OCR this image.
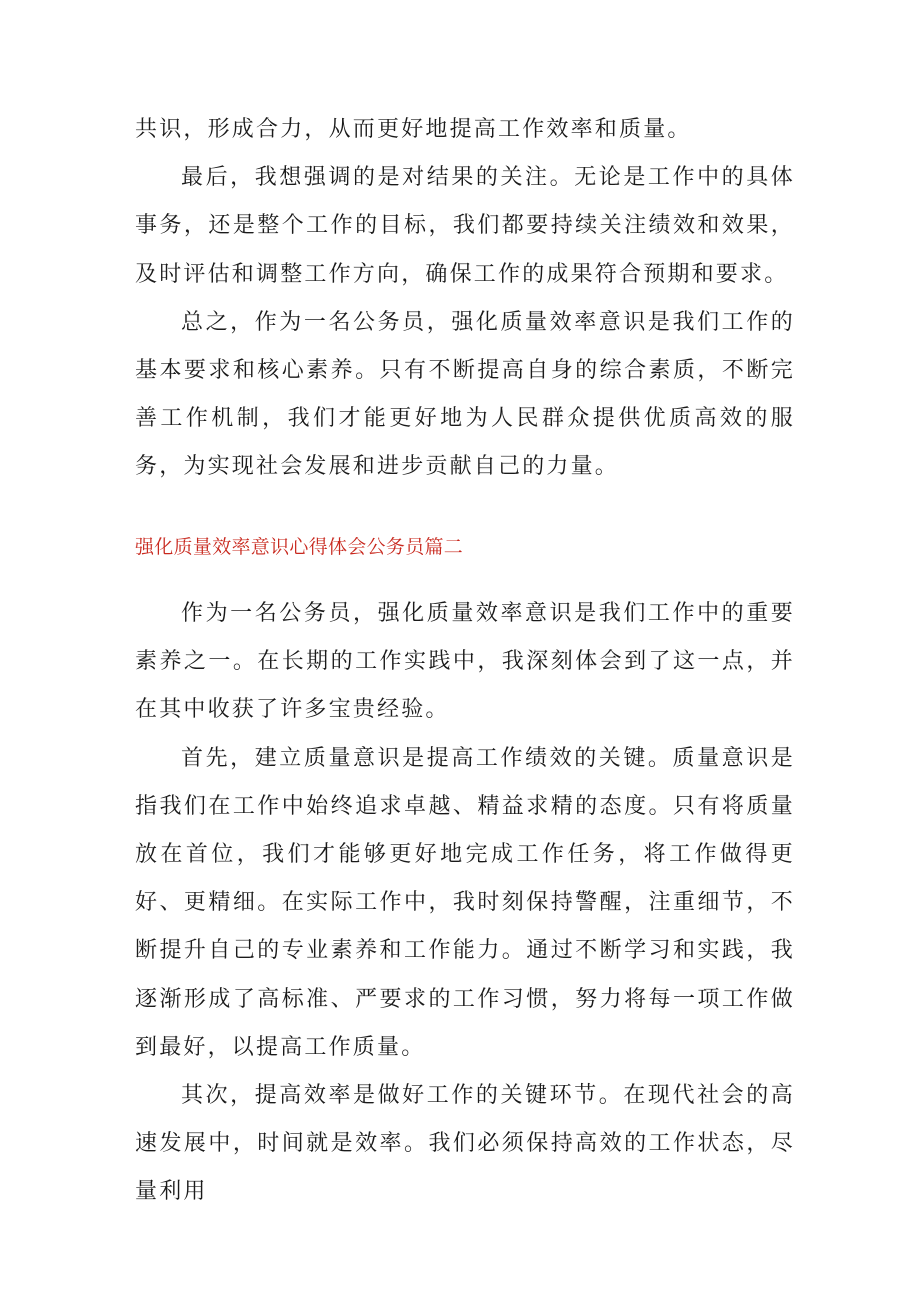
共识，形成合力，从而更好地提高工作效率和质量。

最后，我想强调的是对结果的关注。无论是工作中的具体事务，还是整个工作的目标，我们都要持续关注绩效和效果，及时评估和调整工作方向，确保工作的成果符合预期和要求。

总之，作为一名公务员，强化质量效率意识是我们工作的基本要求和核心素养。只有不断提高自身的综合素质，不断完善工作机制，我们才能更好地为人民群众提供优质高效的服务，为实现社会发展和进步贡献自己的力量。

强化质量效率意识心得体会公务员篇二

作为一名公务员，强化质量效率意识是我们工作中的重要素养之一。在长期的工作实践中，我深刻体会到了这一点，并在其中收获了许多宝贵经验。

首先，建立质量意识是提高工作绩效的关键。质量意识是指我们在工作中始终追求卓越、精益求精的态度。只有将质量放在首位，我们才能够更好地完成工作任务，将工作做得更好、更精细。在实际工作中，我时刻保持警醒，注重细节，不断提升自己的专业素养和工作能力。通过不断学习和实践，我逐渐形成了高标准、严要求的工作习惯，努力将每一项工作做到最好，以提高工作质量。

其次，提高效率是做好工作的关键环节。在现代社会的高速发展中，时间就是效率。我们必须保持高效的工作状态，尽量利用
